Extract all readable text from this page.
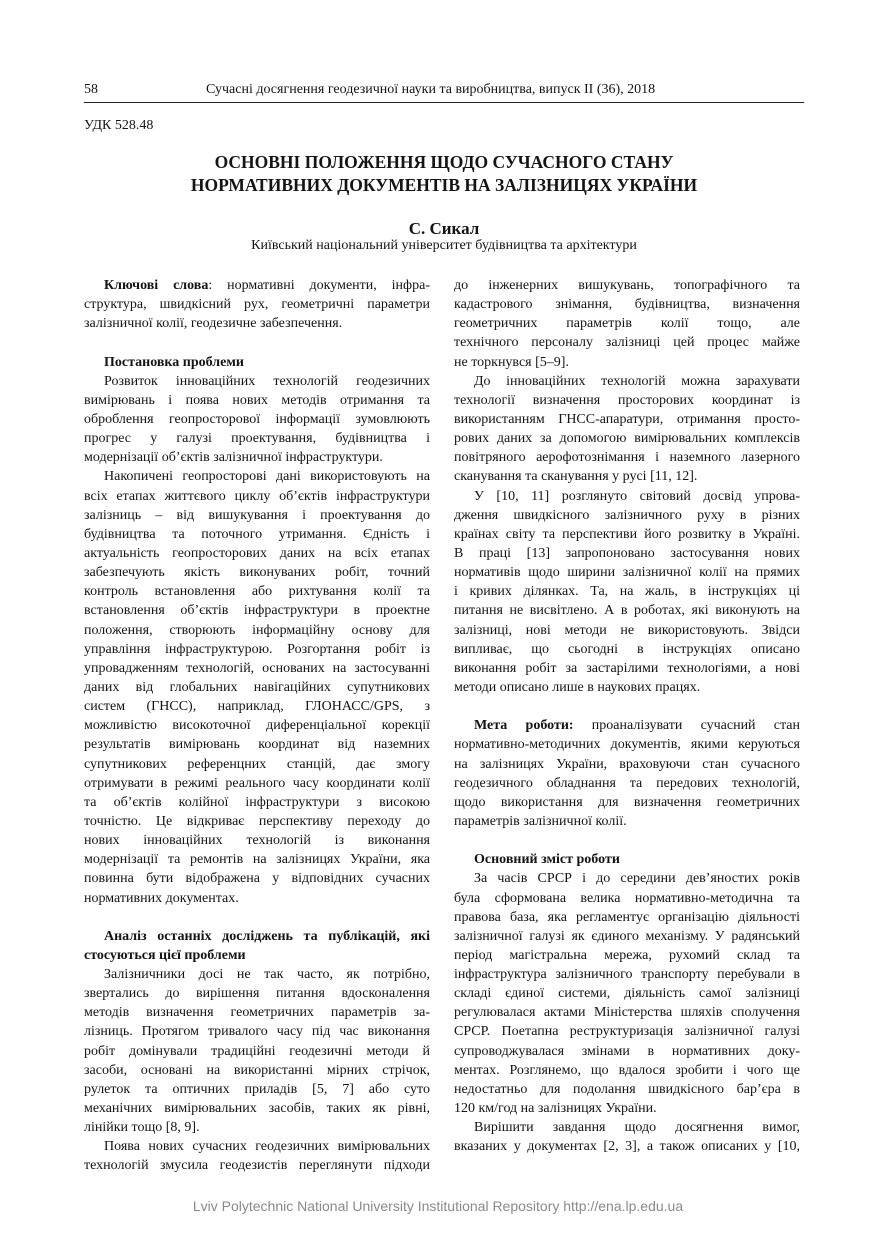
58	Сучасні досягнення геодезичної науки та виробництва, випуск II (36), 2018
УДК 528.48
ОСНОВНІ ПОЛОЖЕННЯ ЩОДО СУЧАСНОГО СТАНУ
НОРМАТИВНИХ ДОКУМЕНТІВ НА ЗАЛІЗНИЦЯХ УКРАЇНИ
С. Сикал
Київський національний університет будівництва та архітектури
Ключові слова: нормативні документи, інфра-
структура, швидкісний рух, геометричні параметри
залізничної колії, геодезичне забезпечення.
Постановка проблеми
Розвиток інноваційних технологій геодезичних
вимірювань і поява нових методів отримання та
оброблення геопросторової інформації зумовлюють
прогрес у галузі проектування, будівництва і
модернізації об’єктів залізничної інфраструктури.
Накопичені геопросторові дані використовують на
всіх етапах життєвого циклу об’єктів інфраструктури
залізниць – від вишукування і проектування до
будівництва та поточного утримання. Єдність і
актуальність геопросторових даних на всіх етапах
забезпечують якість виконуваних робіт, точний
контроль встановлення або рихтування колії та
встановлення об’єктів інфраструктури в проектне
положення, створюють інформаційну основу для
управління інфраструктурою. Розгортання робіт із
упровадженням технологій, основаних на застосуванні
даних від глобальних навігаційних супутникових
систем (ГНСС), наприклад, ГЛОНАСС/GPS, з
можливістю високоточної диференціальної корекції
результатів вимірювань координат від наземних
супутникових референцних станцій, дає змогу
отримувати в режимі реального часу координати колії
та об’єктів колійної інфраструктури з високою
точністю. Це відкриває перспективу переходу до
нових інноваційних технологій із виконання
модернізації та ремонтів на залізницях України, яка
повинна бути відображена у відповідних сучасних
нормативних документах.
Аналіз останніх досліджень та публікацій, які
стосуються цієї проблеми
Залізничники досі не так часто, як потрібно,
звертались до вирішення питання вдосконалення
методів визначення геометричних параметрів за-
лізниць. Протягом тривалого часу під час виконання
робіт домінували традиційні геодезичні методи й
засоби, основані на використанні мірних стрічок,
рулеток та оптичних приладів [5, 7] або суто
механічних вимірювальних засобів, таких як рівні,
лінійки тощо [8, 9].
Поява нових сучасних геодезичних вимірювальних
технологій змусила геодезистів переглянути підходи
до інженерних вишукувань, топографічного та
кадастрового знімання, будівництва, визначення
геометричних параметрів колії тощо, але
технічного персоналу залізниці цей процес майже
не торкнувся [5–9].
До інноваційних технологій можна зарахувати
технології визначення просторових координат із
використанням ГНСС-апаратури, отримання просто-
рових даних за допомогою вимірювальних комплексів
повітряного аерофотознімання і наземного лазерного
сканування та сканування у русі [11, 12].
У [10, 11] розглянуто світовий досвід упрова-
дження швидкісного залізничного руху в різних
країнах світу та перспективи його розвитку в Україні.
В праці [13] запропоновано застосування нових
нормативів щодо ширини залізничної колії на прямих
і кривих ділянках. Та, на жаль, в інструкціях ці
питання не висвітлено. А в роботах, які виконують на
залізниці, нові методи не використовують. Звідси
випливає, що сьогодні в інструкціях описано
виконання робіт за застарілими технологіями, а нові
методи описано лише в наукових працях.
Мета роботи: проаналізувати сучасний стан
нормативно-методичних документів, якими керуються
на залізницях України, враховуючи стан сучасного
геодезичного обладнання та передових технологій,
щодо використання для визначення геометричних
параметрів залізничної колії.
Основний зміст роботи
За часів СРСР і до середини дев’яностих років
була сформована велика нормативно-методична та
правова база, яка регламентує організацію діяльності
залізничної галузі як єдиного механізму. У радянський
період магістральна мережа, рухомий склад та
інфраструктура залізничного транспорту перебували в
складі єдиної системи, діяльність самої залізниці
регулювалася актами Міністерства шляхів сполучення
СРСР. Поетапна реструктуризація залізничної галузі
супроводжувалася змінами в нормативних доку-
ментах. Розглянемо, що вдалося зробити і чого ще
недостатньо для подолання швидкісного бар’єра в
120 км/год на залізницях України.
Вирішити завдання щодо досягнення вимог,
вказаних у документах [2, 3], а також описаних у [10,
Lviv Polytechnic National University Institutional Repository http://ena.lp.edu.ua
